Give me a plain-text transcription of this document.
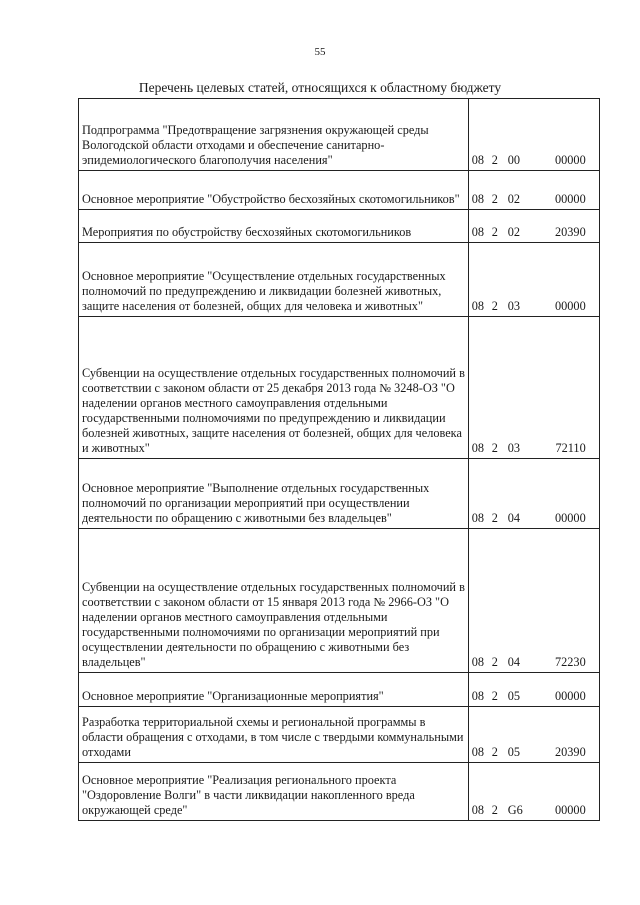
55
Перечень целевых статей, относящихся к областному бюджету
Подпрограмма "Предотвращение загрязнения окружающей среды Вологодской области отходами и обеспечение санитарно-эпидемиологического благополучия населения"	08 2 00 00000
Основное мероприятие "Обустройство бесхозяйных скотомогильников"	08 2 02 00000
Мероприятия по обустройству бесхозяйных скотомогильников	08 2 02 20390
Основное мероприятие "Осуществление отдельных государственных полномочий по предупреждению и ликвидации болезней животных, защите населения от болезней, общих для человека и животных"	08 2 03 00000
Субвенции на осуществление отдельных государственных полномочий в соответствии с законом области от 25 декабря 2013 года № 3248-ОЗ "О наделении органов местного самоуправления отдельными государственными полномочиями по предупреждению и ликвидации болезней животных, защите населения от болезней, общих для человека и животных"	08 2 03 72110
Основное мероприятие "Выполнение отдельных государственных полномочий по организации мероприятий при осуществлении деятельности по обращению с животными без владельцев"	08 2 04 00000
Субвенции на осуществление отдельных государственных полномочий в соответствии с законом области от 15 января 2013 года № 2966-ОЗ "О наделении органов местного самоуправления отдельными государственными полномочиями по организации мероприятий при осуществлении деятельности по обращению с животными без владельцев"	08 2 04 72230
Основное мероприятие "Организационные мероприятия"	08 2 05 00000
Разработка территориальной схемы и региональной программы в области обращения с отходами, в том числе с твердыми коммунальными отходами	08 2 05 20390
Основное мероприятие "Реализация регионального проекта "Оздоровление Волги" в части ликвидации накопленного вреда окружающей среде"	08 2 G6 00000
